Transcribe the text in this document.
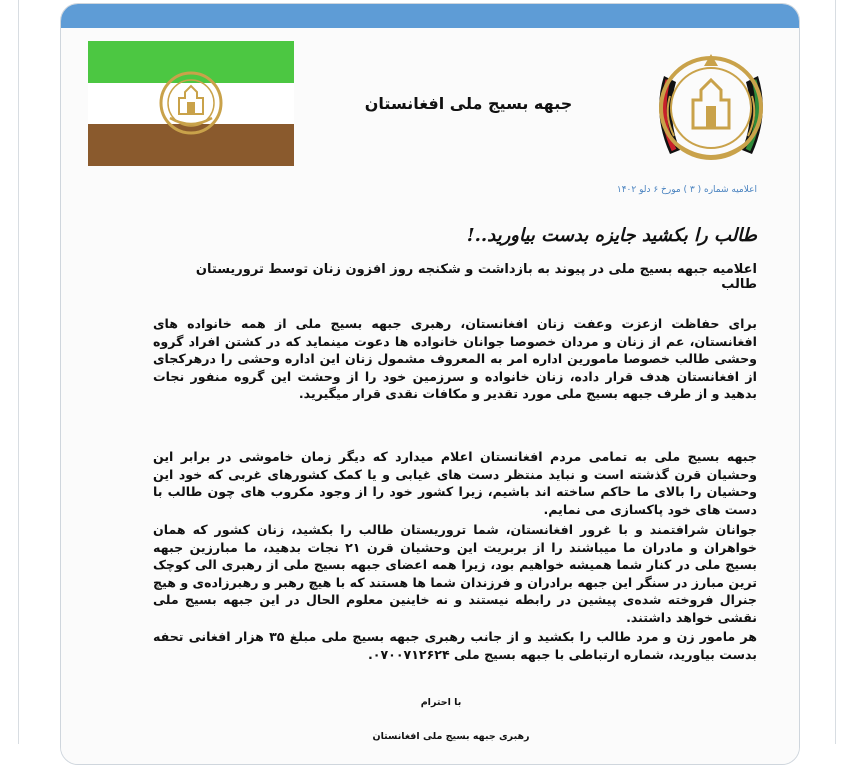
جبهه بسیج ملی افغانستان
اعلامیه شماره ( ۳ ) مورخ ۶ دلو ۱۴۰۲
طالب را بکشید جایزه بدست بیاورید..!
اعلامیه جبهه بسیج ملی در پیوند به بازداشت و شکنجه روز افزون زنان توسط تروریستان طالب

برای حفاظت ازعزت وعفت زنان افغانستان، رهبری جبهه بسیج ملی از همه خانواده های افغانستان، عم از زنان و مردان خصوصا جوانان خانواده ها دعوت مینماید که در کشتن افراد گروه وحشی طالب خصوصا مامورین اداره امر به المعروف مشمول زنان این اداره وحشی را درهرکجای از افغانستان هدف قرار داده، زنان خانواده و سرزمین خود را از وحشت این گروه منفور نجات بدهید و از طرف جبهه بسیج ملی مورد تقدیر و مکافات نقدی قرار میگیرید.

جبهه بسیج ملی به تمامی مردم افغانستان اعلام میدارد که دیگر زمان خاموشی در برابر این وحشیان قرن گذشته است و نباید منتظر دست های غیابی و یا کمک کشورهای غربی که خود این وحشیان را بالای ما حاکم ساخته اند باشیم، زیرا کشور خود را از وجود مکروب های چون طالب با دست های خود پاکسازی می نمایم.

جوانان شرافتمند و با غرور افغانستان، شما تروریستان طالب را بکشید، زنان کشور که همان خواهران و مادران ما میباشند را از بربریت این وحشیان قرن ۲۱ نجات بدهید، ما مبارزین جبهه بسیج ملی در کنار شما همیشه خواهیم بود، زیرا همه اعضای جبهه بسیج ملی از رهبری الی کوچک ترین مبارز در سنگر این جبهه برادران و فرزندان شما ها هستند که با هیچ رهبر و رهبرزاده‌ی و هیچ جنرال فروخته شده‌ی پیشین در رابطه نیستند و نه خاینین معلوم الحال در این جبهه بسیج ملی نقشی خواهد داشتند.

هر مامور زن و مرد طالب را بکشید و از جانب رهبری جبهه بسیج ملی مبلغ ۳۵ هزار افغانی تحفه بدست بیاورید، شماره ارتباطی با جبهه بسیج ملی ۰۷۰۰۷۱۲۶۲۴.

با احترام
رهبری جبهه بسیج ملی افغانستان
